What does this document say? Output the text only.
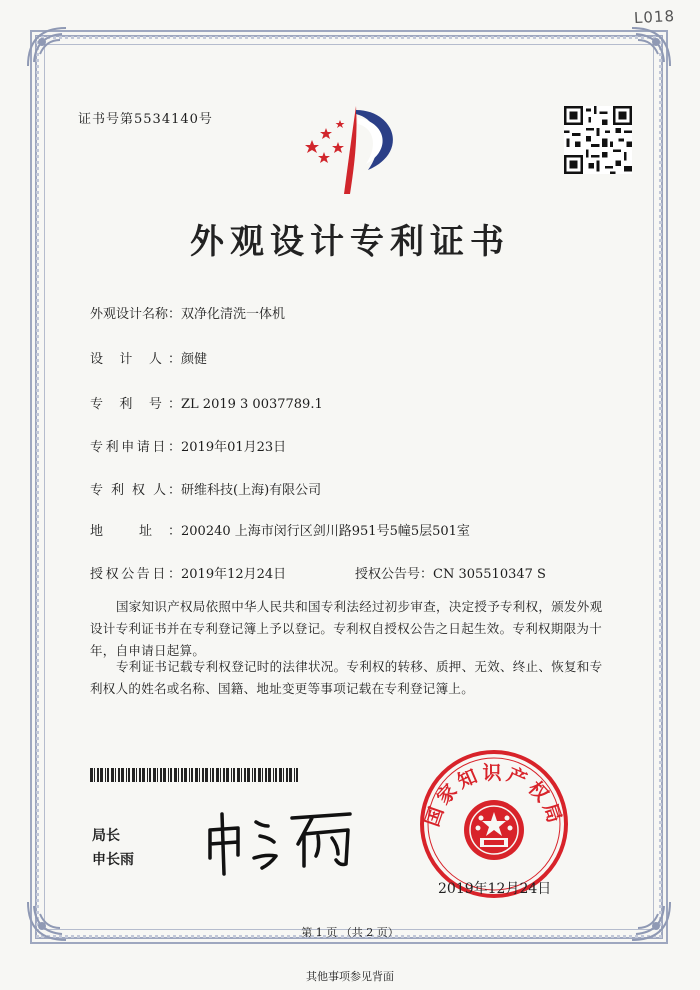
L018
证书号第5534140号
外观设计专利证书
外观设计名称：双净化清洗一体机
设 计 人：颜健
专 利 号：ZL 2019 3 0037789.1
专利申请日：2019年01月23日
专 利 权 人：研维科技(上海)有限公司
地 址：200240 上海市闵行区剑川路951号5幢5层501室
授权公告日：2019年12月24日	授权公告号：CN 305510347 S
国家知识产权局依照中华人民共和国专利法经过初步审查，决定授予专利权，颁发外观设计专利证书并在专利登记簿上予以登记。专利权自授权公告之日起生效。专利权期限为十年，自申请日起算。
专利证书记载专利权登记时的法律状况。专利权的转移、质押、无效、终止、恢复和专利权人的姓名或名称、国籍、地址变更等事项记载在专利登记簿上。
局长
申长雨
国家知识产权局
2019年12月24日
第 1 页 （共 2 页）
其他事项参见背面
